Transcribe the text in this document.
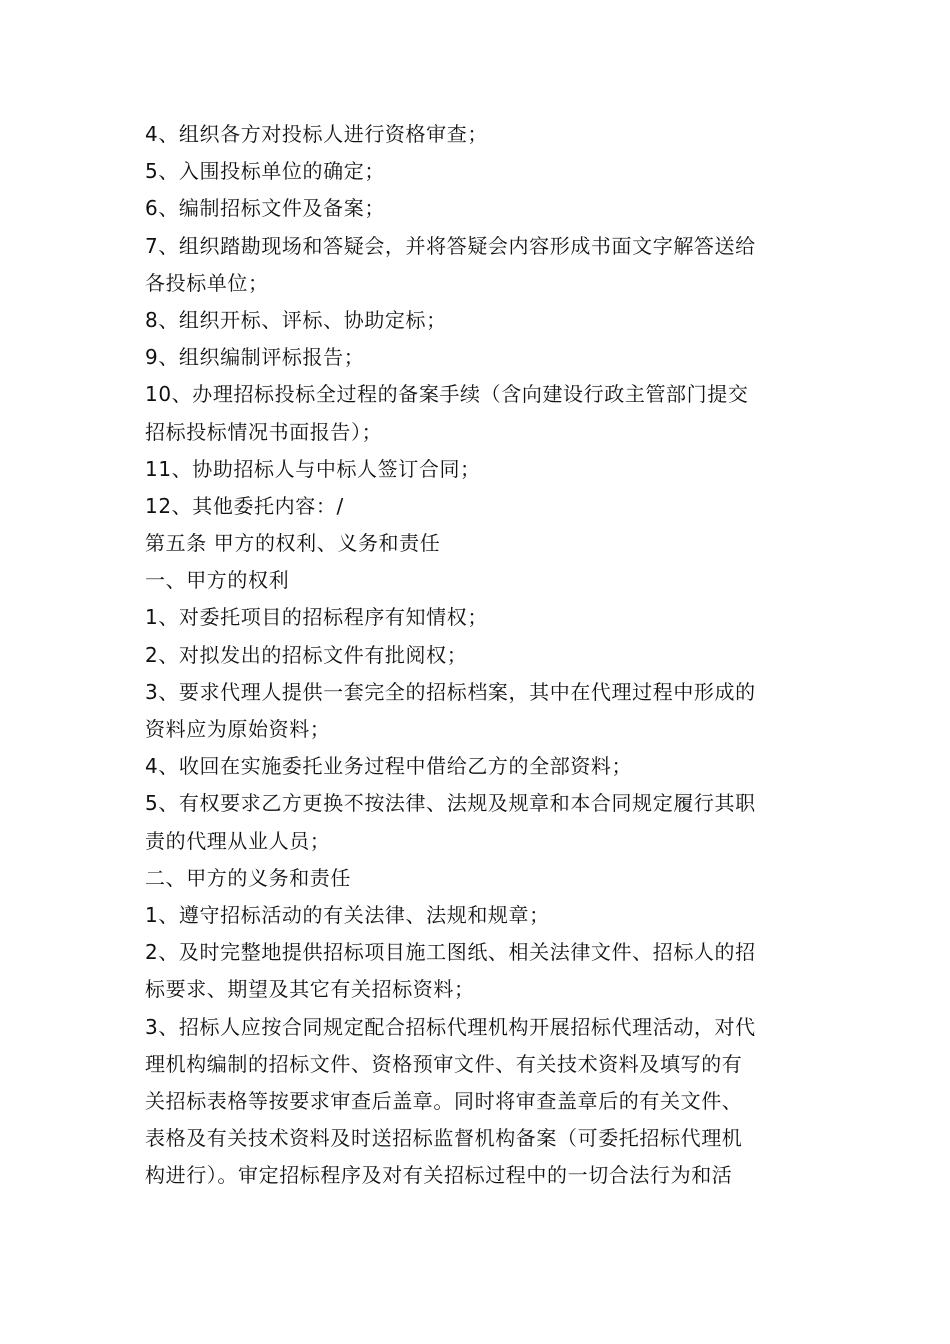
4、组织各方对投标人进行资格审查；
5、入围投标单位的确定；
6、编制招标文件及备案；
7、组织踏勘现场和答疑会，并将答疑会内容形成书面文字解答送给
各投标单位；
8、组织开标、评标、协助定标；
9、组织编制评标报告；
10、办理招标投标全过程的备案手续（含向建设行政主管部门提交
招标投标情况书面报告）；
11、协助招标人与中标人签订合同；
12、其他委托内容：/
第五条 甲方的权利、义务和责任
一、甲方的权利
1、对委托项目的招标程序有知情权；
2、对拟发出的招标文件有批阅权；
3、要求代理人提供一套完全的招标档案，其中在代理过程中形成的
资料应为原始资料；
4、收回在实施委托业务过程中借给乙方的全部资料；
5、有权要求乙方更换不按法律、法规及规章和本合同规定履行其职
责的代理从业人员；
二、甲方的义务和责任
1、遵守招标活动的有关法律、法规和规章；
2、及时完整地提供招标项目施工图纸、相关法律文件、招标人的招
标要求、期望及其它有关招标资料；
3、招标人应按合同规定配合招标代理机构开展招标代理活动，对代
理机构编制的招标文件、资格预审文件、有关技术资料及填写的有
关招标表格等按要求审查后盖章。同时将审查盖章后的有关文件、
表格及有关技术资料及时送招标监督机构备案（可委托招标代理机
构进行）。审定招标程序及对有关招标过程中的一切合法行为和活
